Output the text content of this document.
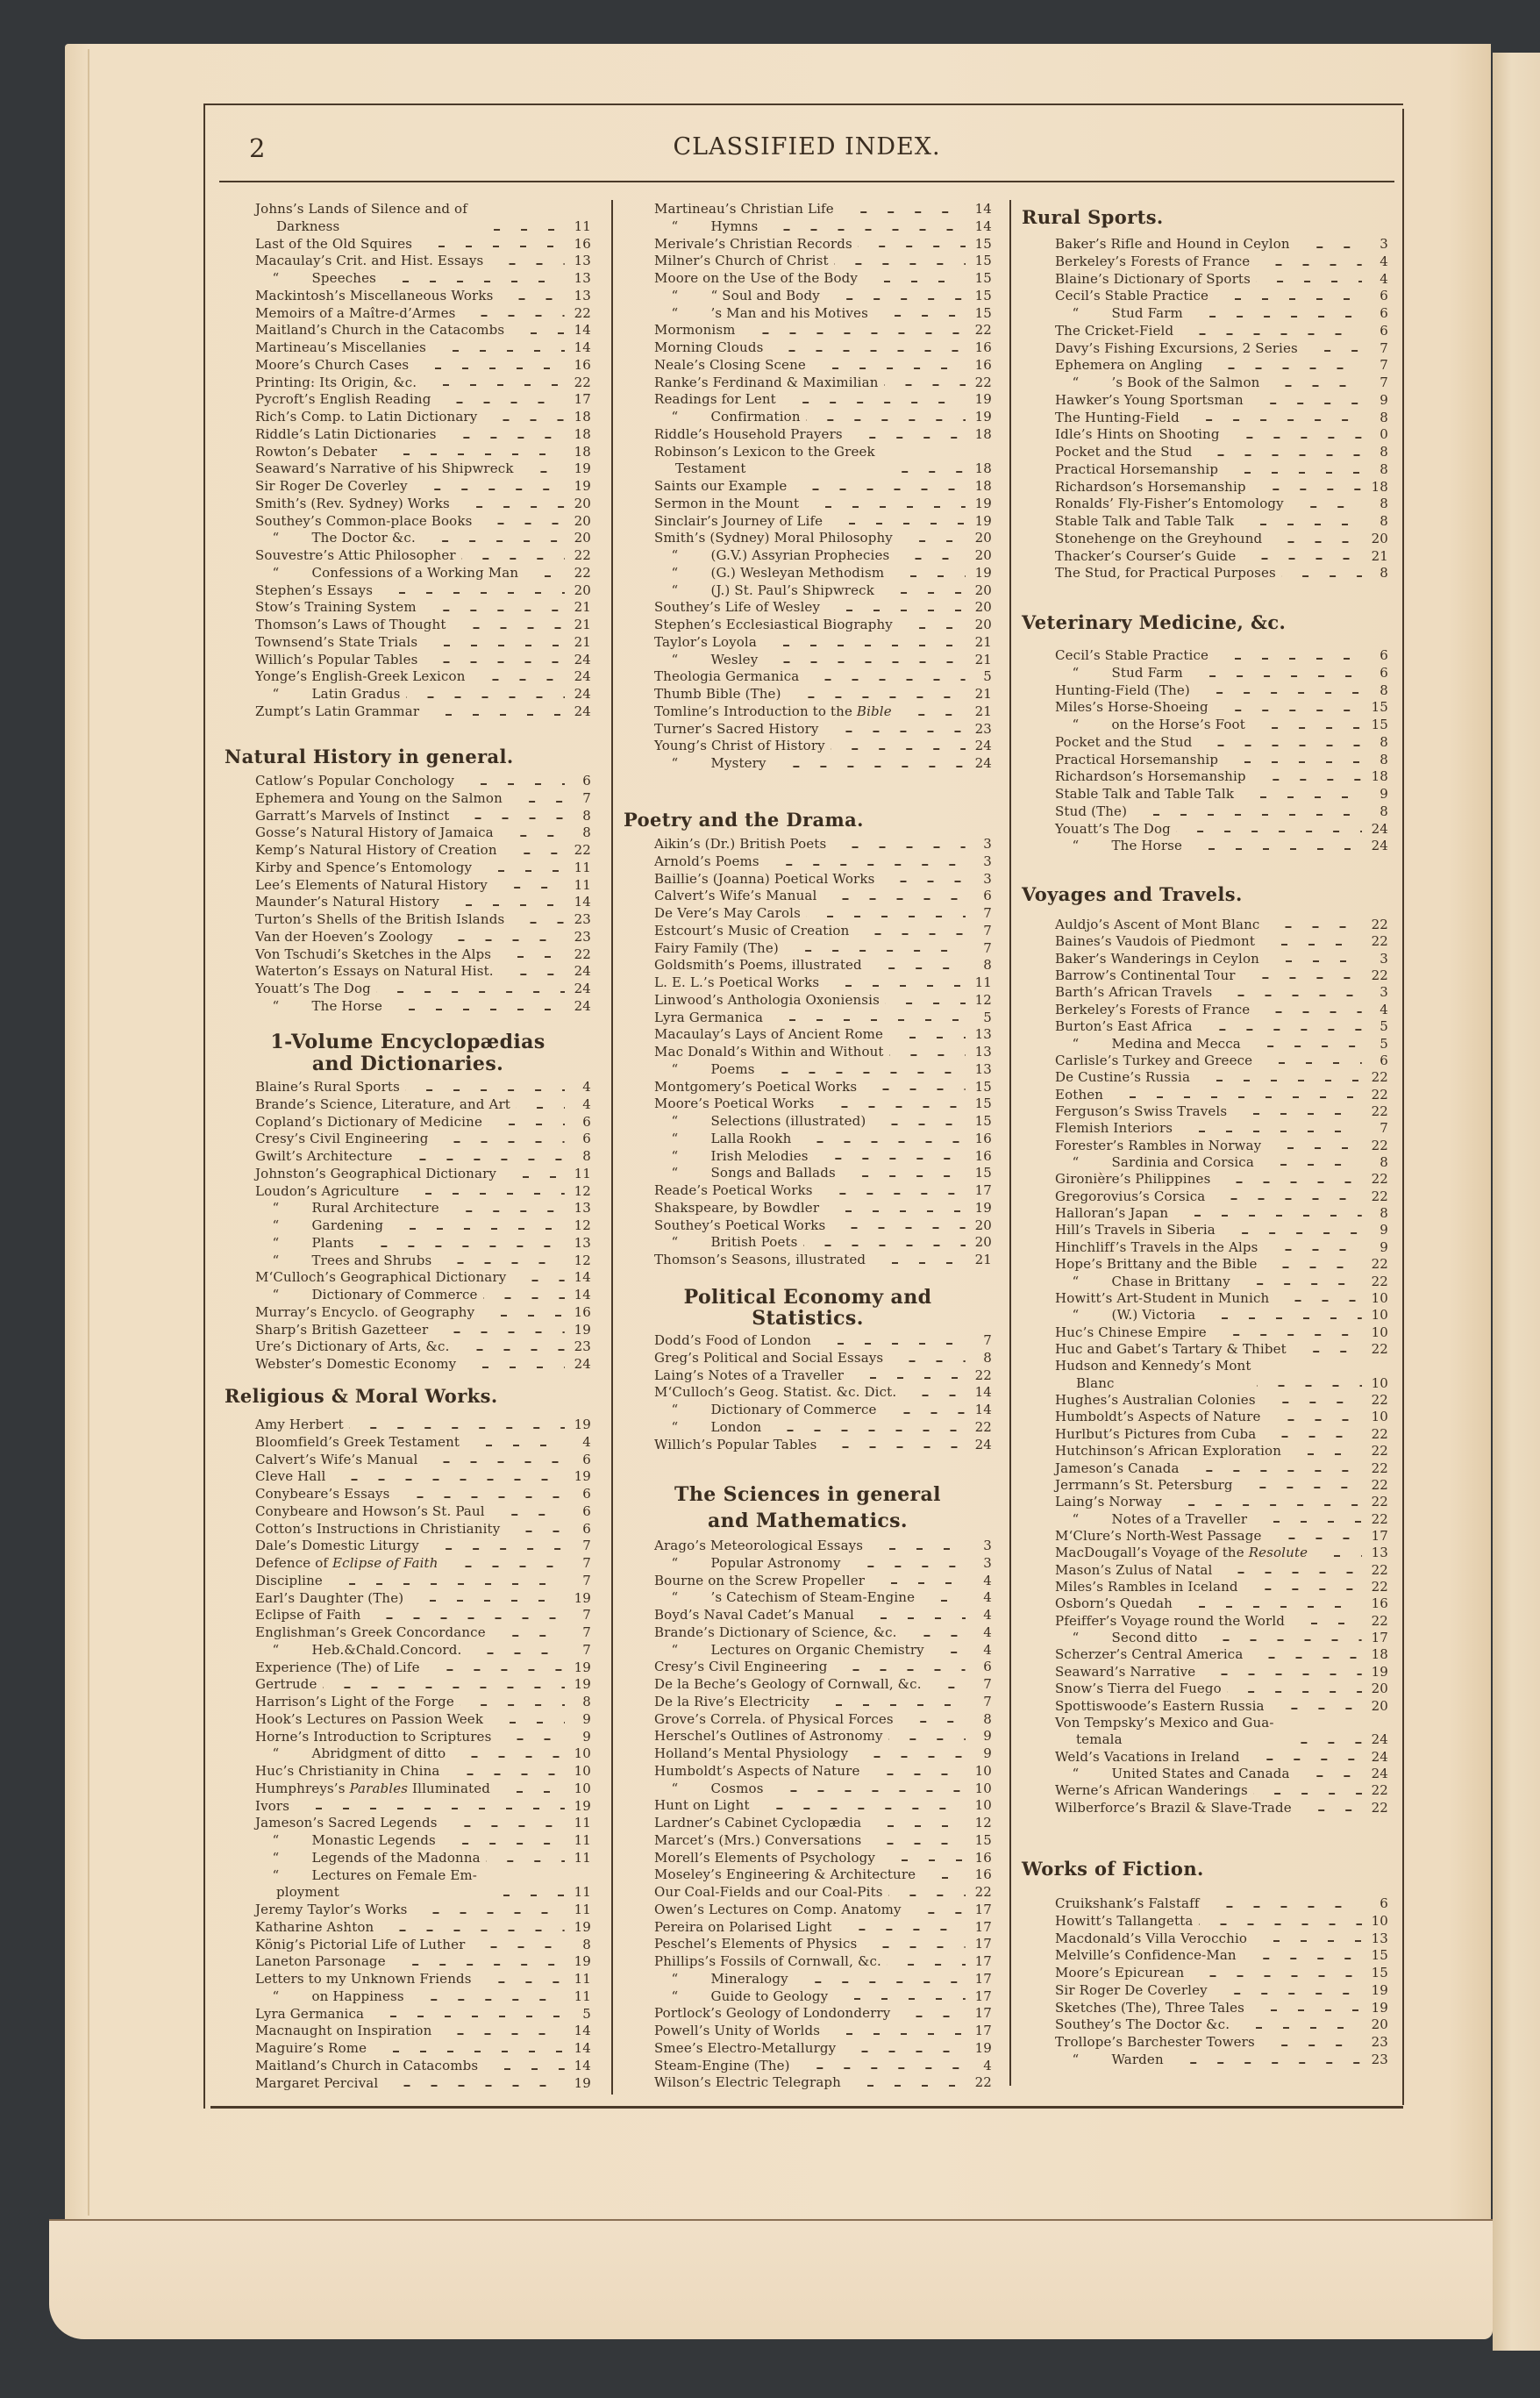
2	CLASSIFIED INDEX.
Johns’s Lands of Silence and of
Darkness	11
Last of the Old Squires	16
Macaulay’s Crit. and Hist. Essays	13
“ Speeches	13
Mackintosh’s Miscellaneous Works	13
Memoirs of a Maître-d’Armes	22
Maitland’s Church in the Catacombs	14
Martineau’s Miscellanies	14
Moore’s Church Cases	16
Printing: Its Origin, &c.	22
Pycroft’s English Reading	17
Rich’s Comp. to Latin Dictionary	18
Riddle’s Latin Dictionaries	18
Rowton’s Debater	18
Seaward’s Narrative of his Shipwreck	19
Sir Roger De Coverley	19
Smith’s (Rev. Sydney) Works	20
Southey’s Common-place Books	20
“ The Doctor &c.	20
Souvestre’s Attic Philosopher	22
“ Confessions of a Working Man	22
Stephen’s Essays	20
Stow’s Training System	21
Thomson’s Laws of Thought	21
Townsend’s State Trials	21
Willich’s Popular Tables	24
Yonge’s English-Greek Lexicon	24
“ Latin Gradus	24
Zumpt’s Latin Grammar	24
Natural History in general.
Catlow’s Popular Conchology	6
Ephemera and Young on the Salmon	7
Garratt’s Marvels of Instinct	8
Gosse’s Natural History of Jamaica	8
Kemp’s Natural History of Creation	22
Kirby and Spence’s Entomology	11
Lee’s Elements of Natural History	11
Maunder’s Natural History	14
Turton’s Shells of the British Islands	23
Van der Hoeven’s Zoology	23
Von Tschudi’s Sketches in the Alps	22
Waterton’s Essays on Natural Hist.	24
Youatt’s The Dog	24
“ The Horse	24
1-Volume Encyclopædias
and Dictionaries.
Blaine’s Rural Sports	4
Brande’s Science, Literature, and Art	4
Copland’s Dictionary of Medicine	6
Cresy’s Civil Engineering	6
Gwilt’s Architecture	8
Johnston’s Geographical Dictionary	11
Loudon’s Agriculture	12
“ Rural Architecture	13
“ Gardening	12
“ Plants	13
“ Trees and Shrubs	12
M‘Culloch’s Geographical Dictionary	14
“ Dictionary of Commerce	14
Murray’s Encyclo. of Geography	16
Sharp’s British Gazetteer	19
Ure’s Dictionary of Arts, &c.	23
Webster’s Domestic Economy	24
Religious & Moral Works.
Amy Herbert	19
Bloomfield’s Greek Testament	4
Calvert’s Wife’s Manual	6
Cleve Hall	19
Conybeare’s Essays	6
Conybeare and Howson’s St. Paul	6
Cotton’s Instructions in Christianity	6
Dale’s Domestic Liturgy	7
Defence of Eclipse of Faith	7
Discipline	7
Earl’s Daughter (The)	19
Eclipse of Faith	7
Englishman’s Greek Concordance	7
“ Heb.&Chald.Concord.	7
Experience (The) of Life	19
Gertrude	19
Harrison’s Light of the Forge	8
Hook’s Lectures on Passion Week	9
Horne’s Introduction to Scriptures	9
“ Abridgment of ditto	10
Huc’s Christianity in China	10
Humphreys’s Parables Illuminated	10
Ivors	19
Jameson’s Sacred Legends	11
“ Monastic Legends	11
“ Legends of the Madonna	11
“ Lectures on Female Em-
ployment	11
Jeremy Taylor’s Works	11
Katharine Ashton	19
König’s Pictorial Life of Luther	8
Laneton Parsonage	19
Letters to my Unknown Friends	11
“ on Happiness	11
Lyra Germanica	5
Macnaught on Inspiration	14
Maguire’s Rome	14
Maitland’s Church in Catacombs	14
Margaret Percival	19
Martineau’s Christian Life	14
“ Hymns	14
Merivale’s Christian Records	15
Milner’s Church of Christ	15
Moore on the Use of the Body	15
“ “ Soul and Body	15
“ ’s Man and his Motives	15
Mormonism	22
Morning Clouds	16
Neale’s Closing Scene	16
Ranke’s Ferdinand & Maximilian	22
Readings for Lent	19
“ Confirmation	19
Riddle’s Household Prayers	18
Robinson’s Lexicon to the Greek
Testament	18
Saints our Example	18
Sermon in the Mount	19
Sinclair’s Journey of Life	19
Smith’s (Sydney) Moral Philosophy	20
“ (G.V.) Assyrian Prophecies	20
“ (G.) Wesleyan Methodism	19
“ (J.) St. Paul’s Shipwreck	20
Southey’s Life of Wesley	20
Stephen’s Ecclesiastical Biography	20
Taylor’s Loyola	21
“ Wesley	21
Theologia Germanica	5
Thumb Bible (The)	21
Tomline’s Introduction to the Bible	21
Turner’s Sacred History	23
Young’s Christ of History	24
“ Mystery	24
Poetry and the Drama.
Aikin’s (Dr.) British Poets	3
Arnold’s Poems	3
Baillie’s (Joanna) Poetical Works	3
Calvert’s Wife’s Manual	6
De Vere’s May Carols	7
Estcourt’s Music of Creation	7
Fairy Family (The)	7
Goldsmith’s Poems, illustrated	8
L. E. L.’s Poetical Works	11
Linwood’s Anthologia Oxoniensis	12
Lyra Germanica	5
Macaulay’s Lays of Ancient Rome	13
Mac Donald’s Within and Without	13
“ Poems	13
Montgomery’s Poetical Works	15
Moore’s Poetical Works	15
“ Selections (illustrated)	15
“ Lalla Rookh	16
“ Irish Melodies	16
“ Songs and Ballads	15
Reade’s Poetical Works	17
Shakspeare, by Bowdler	19
Southey’s Poetical Works	20
“ British Poets	20
Thomson’s Seasons, illustrated	21
Political Economy and
Statistics.
Dodd’s Food of London	7
Greg’s Political and Social Essays	8
Laing’s Notes of a Traveller	22
M‘Culloch’s Geog. Statist. &c. Dict.	14
“ Dictionary of Commerce	14
“ London	22
Willich’s Popular Tables	24
The Sciences in general
and Mathematics.
Arago’s Meteorological Essays	3
“ Popular Astronomy	3
Bourne on the Screw Propeller	4
“ ’s Catechism of Steam-Engine	4
Boyd’s Naval Cadet’s Manual	4
Brande’s Dictionary of Science, &c.	4
“ Lectures on Organic Chemistry	4
Cresy’s Civil Engineering	6
De la Beche’s Geology of Cornwall, &c.	7
De la Rive’s Electricity	7
Grove’s Correla. of Physical Forces	8
Herschel’s Outlines of Astronomy	9
Holland’s Mental Physiology	9
Humboldt’s Aspects of Nature	10
“ Cosmos	10
Hunt on Light	10
Lardner’s Cabinet Cyclopædia	12
Marcet’s (Mrs.) Conversations	15
Morell’s Elements of Psychology	16
Moseley’s Engineering & Architecture	16
Our Coal-Fields and our Coal-Pits	22
Owen’s Lectures on Comp. Anatomy	17
Pereira on Polarised Light	17
Peschel’s Elements of Physics	17
Phillips’s Fossils of Cornwall, &c.	17
“ Mineralogy	17
“ Guide to Geology	17
Portlock’s Geology of Londonderry	17
Powell’s Unity of Worlds	17
Smee’s Electro-Metallurgy	19
Steam-Engine (The)	4
Wilson’s Electric Telegraph	22
Rural Sports.
Baker’s Rifle and Hound in Ceylon	3
Berkeley’s Forests of France	4
Blaine’s Dictionary of Sports	4
Cecil’s Stable Practice	6
“ Stud Farm	6
The Cricket-Field	6
Davy’s Fishing Excursions, 2 Series	7
Ephemera on Angling	7
“ ’s Book of the Salmon	7
Hawker’s Young Sportsman	9
The Hunting-Field	8
Idle’s Hints on Shooting	0
Pocket and the Stud	8
Practical Horsemanship	8
Richardson’s Horsemanship	18
Ronalds’ Fly-Fisher’s Entomology	8
Stable Talk and Table Talk	8
Stonehenge on the Greyhound	20
Thacker’s Courser’s Guide	21
The Stud, for Practical Purposes	8
Veterinary Medicine, &c.
Cecil’s Stable Practice	6
“ Stud Farm	6
Hunting-Field (The)	8
Miles’s Horse-Shoeing	15
“ on the Horse’s Foot	15
Pocket and the Stud	8
Practical Horsemanship	8
Richardson’s Horsemanship	18
Stable Talk and Table Talk	9
Stud (The)	8
Youatt’s The Dog	24
“ The Horse	24
Voyages and Travels.
Auldjo’s Ascent of Mont Blanc	22
Baines’s Vaudois of Piedmont	22
Baker’s Wanderings in Ceylon	3
Barrow’s Continental Tour	22
Barth’s African Travels	3
Berkeley’s Forests of France	4
Burton’s East Africa	5
“ Medina and Mecca	5
Carlisle’s Turkey and Greece	6
De Custine’s Russia	22
Eothen	22
Ferguson’s Swiss Travels	22
Flemish Interiors	7
Forester’s Rambles in Norway	22
“ Sardinia and Corsica	8
Gironière’s Philippines	22
Gregorovius’s Corsica	22
Halloran’s Japan	8
Hill’s Travels in Siberia	9
Hinchliff’s Travels in the Alps	9
Hope’s Brittany and the Bible	22
“ Chase in Brittany	22
Howitt’s Art-Student in Munich	10
“ (W.) Victoria	10
Huc’s Chinese Empire	10
Huc and Gabet’s Tartary & Thibet	22
Hudson and Kennedy’s Mont
Blanc	10
Hughes’s Australian Colonies	22
Humboldt’s Aspects of Nature	10
Hurlbut’s Pictures from Cuba	22
Hutchinson’s African Exploration	22
Jameson’s Canada	22
Jerrmann’s St. Petersburg	22
Laing’s Norway	22
“ Notes of a Traveller	22
M‘Clure’s North-West Passage	17
MacDougall’s Voyage of the Resolute	13
Mason’s Zulus of Natal	22
Miles’s Rambles in Iceland	22
Osborn’s Quedah	16
Pfeiffer’s Voyage round the World	22
“ Second ditto	17
Scherzer’s Central America	18
Seaward’s Narrative	19
Snow’s Tierra del Fuego	20
Spottiswoode’s Eastern Russia	20
Von Tempsky’s Mexico and Gua-
temala	24
Weld’s Vacations in Ireland	24
“ United States and Canada	24
Werne’s African Wanderings	22
Wilberforce’s Brazil & Slave-Trade	22
Works of Fiction.
Cruikshank’s Falstaff	6
Howitt’s Tallangetta	10
Macdonald’s Villa Verocchio	13
Melville’s Confidence-Man	15
Moore’s Epicurean	15
Sir Roger De Coverley	19
Sketches (The), Three Tales	19
Southey’s The Doctor &c.	20
Trollope’s Barchester Towers	23
“ Warden	23
